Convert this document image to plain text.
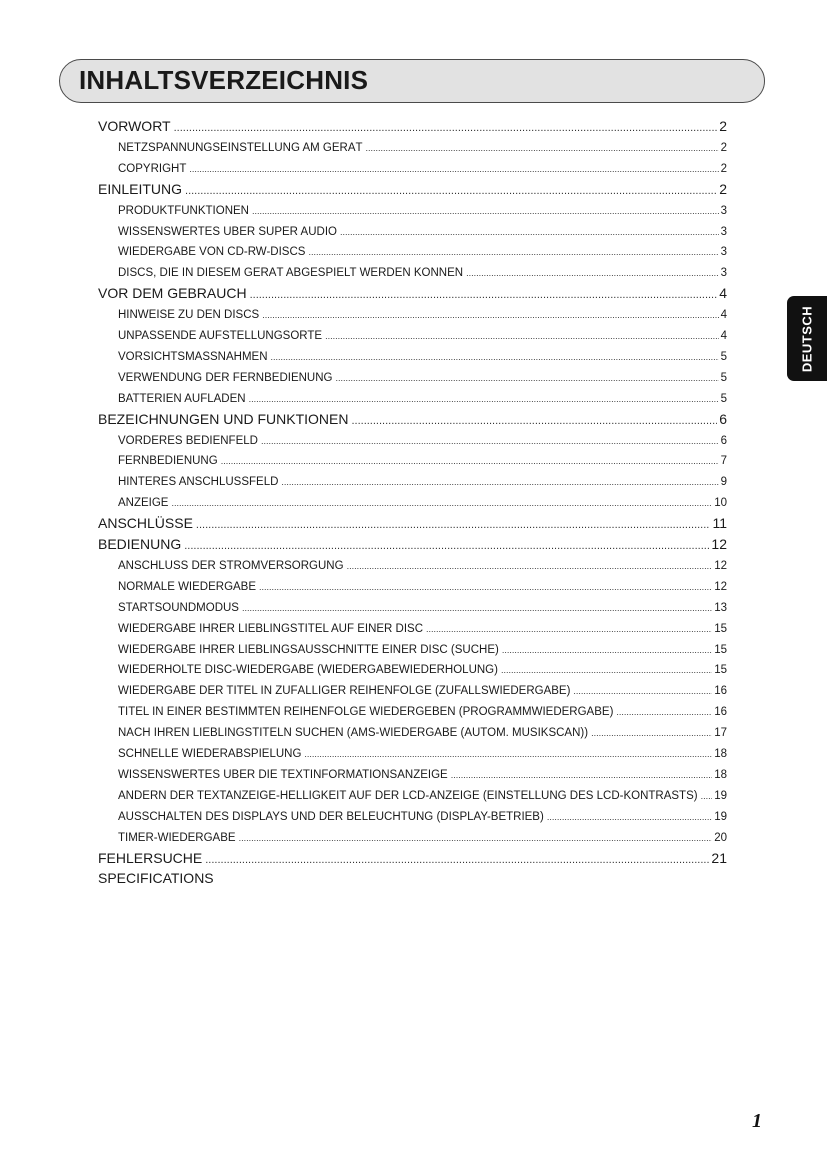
INHALTSVERZEICHNIS
DEUTSCH
VORWORT .....	2
NETZSPANNUNGSEINSTELLUNG AM GERÄT .....	2
COPYRIGHT .....	2
EINLEITUNG .....	2
PRODUKTFUNKTIONEN .....	3
WISSENSWERTES ÜBER SUPER AUDIO .....	3
WIEDERGABE VON CD-RW-DISCS .....	3
DISCS, DIE IN DIESEM GERÄT ABGESPIELT WERDEN KÖNNEN .....	3
VOR DEM GEBRAUCH .....	4
HINWEISE ZU DEN DISCS .....	4
UNPASSENDE AUFSTELLUNGSORTE .....	4
VORSICHTSMASSNAHMEN .....	5
VERWENDUNG DER FERNBEDIENUNG .....	5
BATTERIEN AUFLADEN .....	5
BEZEICHNUNGEN UND FUNKTIONEN .....	6
VORDERES BEDIENFELD .....	6
FERNBEDIENUNG .....	7
HINTERES ANSCHLUSSFELD .....	9
ANZEIGE .....	10
ANSCHLÜSSE .....	11
BEDIENUNG .....	12
ANSCHLUSS DER STROMVERSORGUNG .....	12
NORMALE WIEDERGABE .....	12
STARTSOUNDMODUS .....	13
WIEDERGABE IHRER LIEBLINGSTITEL AUF EINER DISC .....	15
WIEDERGABE IHRER LIEBLINGSAUSSCHNITTE EINER DISC (SUCHE) .....	15
WIEDERHOLTE DISC-WIEDERGABE (WIEDERGABEWIEDERHOLUNG) .....	15
WIEDERGABE DER TITEL IN ZUFÄLLIGER REIHENFOLGE (ZUFALLSWIEDERGABE) .....	16
TITEL IN EINER BESTIMMTEN REIHENFOLGE WIEDERGEBEN (PROGRAMMWIEDERGABE) .....	16
NACH IHREN LIEBLINGSTITELN SUCHEN (AMS-WIEDERGABE (AUTOM. MUSIKSCAN)) .....	17
SCHNELLE WIEDERABSPIELUNG .....	18
WISSENSWERTES ÜBER DIE TEXTINFORMATIONSANZEIGE .....	18
ÄNDERN DER TEXTANZEIGE-HELLIGKEIT AUF DER LCD-ANZEIGE (EINSTELLUNG DES LCD-KONTRASTS) ..... 19
AUSSCHALTEN DES DISPLAYS UND DER BELEUCHTUNG (DISPLAY-BETRIEB) .....	19
TIMER-WIEDERGABE .....	20
FEHLERSUCHE .....	21
SPECIFICATIONS
1
